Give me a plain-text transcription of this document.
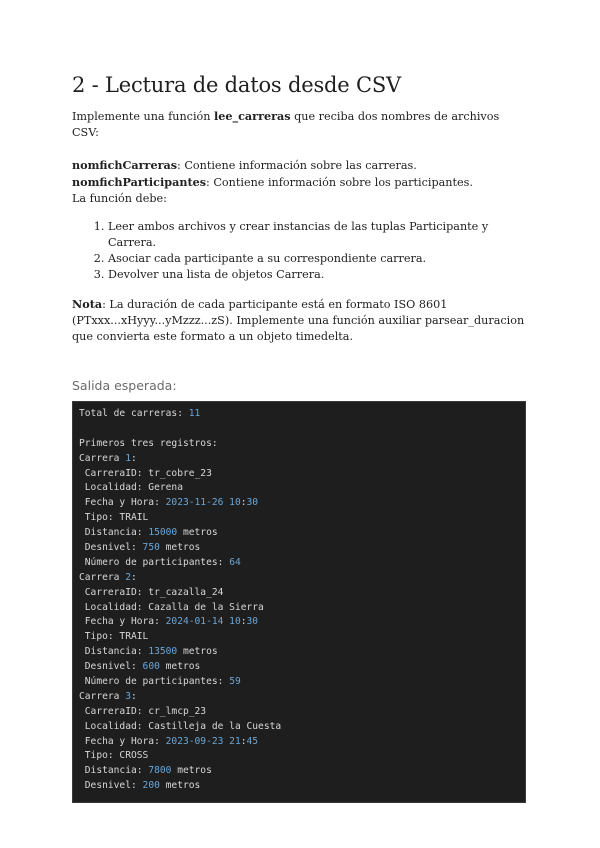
2 - Lectura de datos desde CSV
Implemente una función lee_carreras que reciba dos nombres de archivos CSV:
nomfichCarreras: Contiene información sobre las carreras.
nomfichParticipantes: Contiene información sobre los participantes.
La función debe:
1. Leer ambos archivos y crear instancias de las tuplas Participante y Carrera.
2. Asociar cada participante a su correspondiente carrera.
3. Devolver una lista de objetos Carrera.
Nota: La duración de cada participante está en formato ISO 8601
(PTxxx...xHyyy...yMzzz...zS). Implemente una función auxiliar parsear_duracion
que convierta este formato a un objeto timedelta.
Salida esperada:
Total de carreras: 11
Primeros tres registros:
Carrera 1:
CarreraID: tr_cobre_23
Localidad: Gerena
Fecha y Hora: 2023-11-26 10:30
Tipo: TRAIL
Distancia: 15000 metros
Desnivel: 750 metros
Número de participantes: 64
Carrera 2:
CarreraID: tr_cazalla_24
Localidad: Cazalla de la Sierra
Fecha y Hora: 2024-01-14 10:30
Tipo: TRAIL
Distancia: 13500 metros
Desnivel: 600 metros
Número de participantes: 59
Carrera 3:
CarreraID: cr_lmcp_23
Localidad: Castilleja de la Cuesta
Fecha y Hora: 2023-09-23 21:45
Tipo: CROSS
Distancia: 7800 metros
Desnivel: 200 metros
